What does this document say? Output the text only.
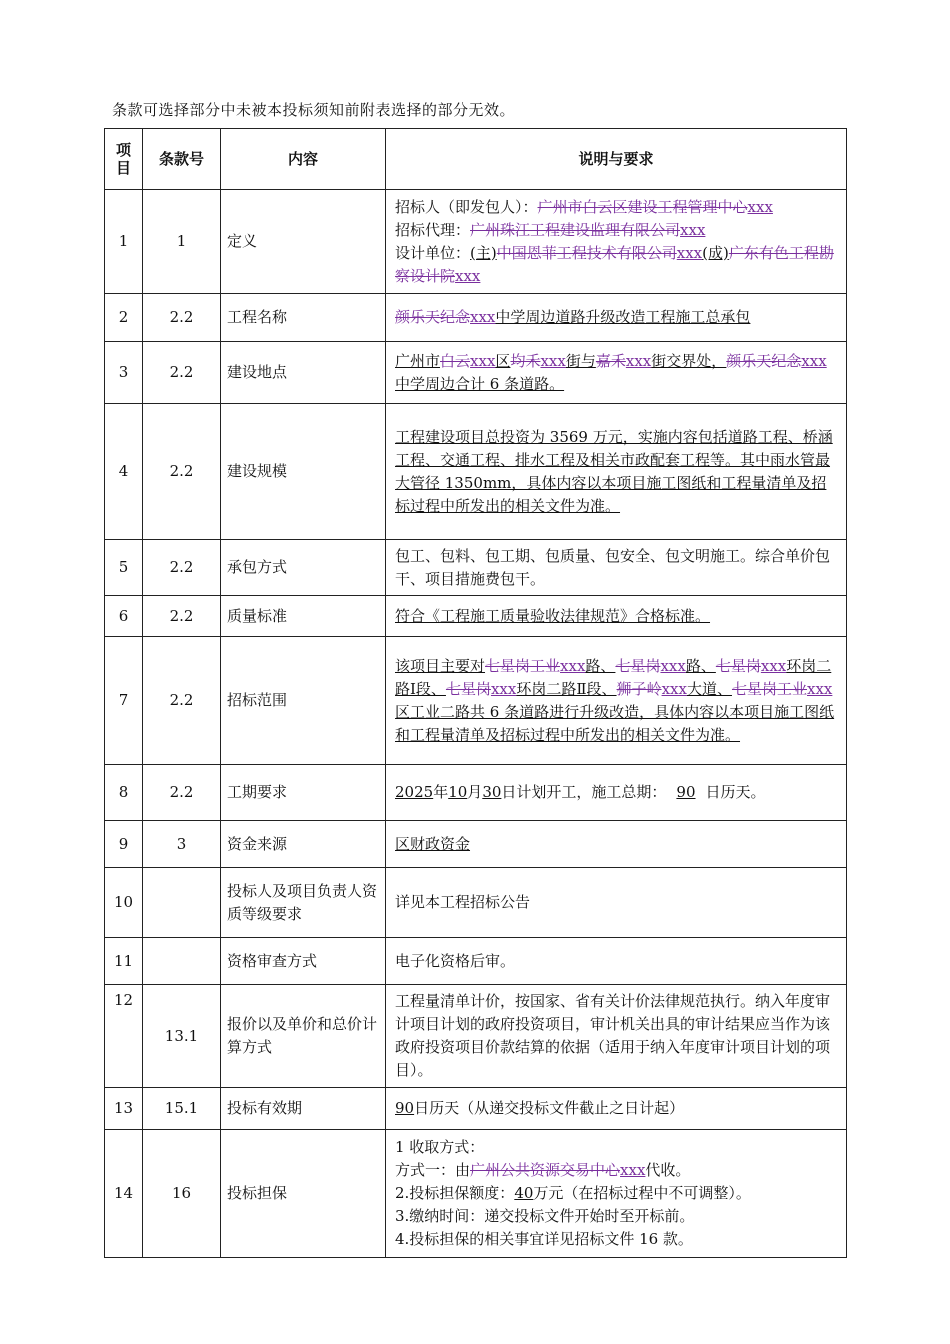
条款可选择部分中未被本投标须知前附表选择的部分无效。
项目	条款号	内容	说明与要求
1	1	定义	招标人（即发包人）：广州市白云区建设工程管理中心xxx
招标代理：广州珠江工程建设监理有限公司xxx
设计单位：(主)中国恩菲工程技术有限公司xxx(成)广东有色工程勘察设计院xxx

2	2.2	工程名称	颜乐天纪念xxx中学周边道路升级改造工程施工总承包
3	2.2	建设地点	广州市白云xxx区均禾xxx街与嘉禾xxx街交界处，颜乐天纪念xxx中学周边合计 6 条道路。
4	2.2	建设规模	工程建设项目总投资为 3569 万元，实施内容包括道路工程、桥涵工程、交通工程、排水工程及相关市政配套工程等。其中雨水管最大管径 1350mm，具体内容以本项目施工图纸和工程量清单及招标过程中所发出的相关文件为准。
5	2.2	承包方式	包工、包料、包工期、包质量、包安全、包文明施工。综合单价包干、项目措施费包干。
6	2.2	质量标准	符合《工程施工质量验收法律规范》合格标准。
7	2.2	招标范围	该项目主要对七星岗工业xxx路、七星岗xxx路、七星岗xxx环岗二路Ⅰ段、七星岗xxx环岗二路Ⅱ段、狮子岭xxx大道、七星岗工业xxx区工业二路共 6 条道路进行升级改造，具体内容以本项目施工图纸和工程量清单及招标过程中所发出的相关文件为准。
8	2.2	工期要求	2025年10月30日计划开工，施工总期： 90 日历天。
9	3	资金来源	区财政资金
10		投标人及项目负责人资质等级要求	详见本工程招标公告
11		资格审查方式	电子化资格后审。
12	13.1	报价以及单价和总价计算方式	工程量清单计价，按国家、省有关计价法律规范执行。纳入年度审计项目计划的政府投资项目，审计机关出具的审计结果应当作为该政府投资项目价款结算的依据（适用于纳入年度审计项目计划的项目）。
13	15.1	投标有效期	90日历天（从递交投标文件截止之日计起）
14	16	投标担保	1 收取方式：
方式一：由广州公共资源交易中心xxx代收。
2.投标担保额度：40万元（在招标过程中不可调整）。
3.缴纳时间：递交投标文件开始时至开标前。
4.投标担保的相关事宜详见招标文件 16 款。
